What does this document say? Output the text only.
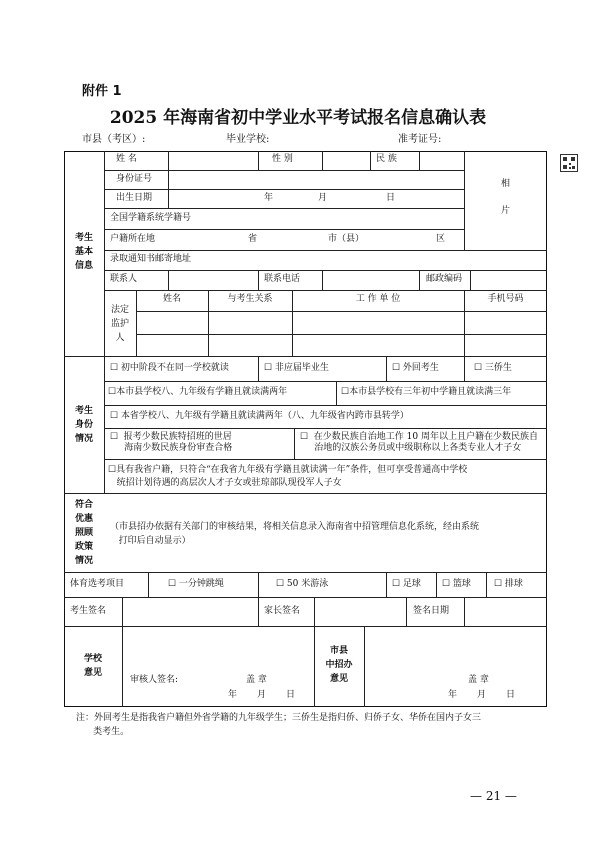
附件 1
2025 年海南省初中学业水平考试报名信息确认表
市县（考区）:	毕业学校:	准考证号:
考生
基本
信息
姓 名	性 别	民 族
相

片
身份证号
出生日期	年	月	日
全国学籍系统学籍号
户籍所在地	省	市（县）	区
录取通知书邮寄地址
联系人	联系电话	邮政编码
法定
监护
人
姓名	与考生关系	工 作 单 位	手机号码
考生
身份
情况
☐ 初中阶段不在同一学校就读	☐ 非应届毕业生	☐ 外回考生	☐ 三侨生
☐本市县学校八、九年级有学籍且就读满两年	☐本市县学校有三年初中学籍且就读满三年
☐ 本省学校八、九年级有学籍且就读满两年（八、九年级省内跨市县转学）
☐  报考少数民族特招班的世居
海南少数民族身份审查合格
☐  在少数民族自治地工作 10 周年以上且户籍在少数民族自
治地的汉族公务员或中级职称以上各类专业人才子女
☐具有我省户籍，只符合“在我省九年级有学籍且就读满一年”条件，但可享受普通高中学校
统招计划待遇的高层次人才子女或驻琼部队现役军人子女
符合
优惠
照顾
政策
情况
（市县招办依据有关部门的审核结果，将相关信息录入海南省中招管理信息化系统，经由系统
打印后自动显示）
体育选考项目	☐ 一分钟跳绳	☐ 50 米游泳	☐ 足球 ☐ 篮球	☐ 排球
考生签名	家长签名	签名日期
学校
意见
审核人签名:	盖 章
年       月       日
市县
中招办
意见	盖 章
年       月       日
注：外回考生是指我省户籍但外省学籍的九年级学生；三侨生是指归侨、归侨子女、华侨在国内子女三
类考生。
— 21 —
